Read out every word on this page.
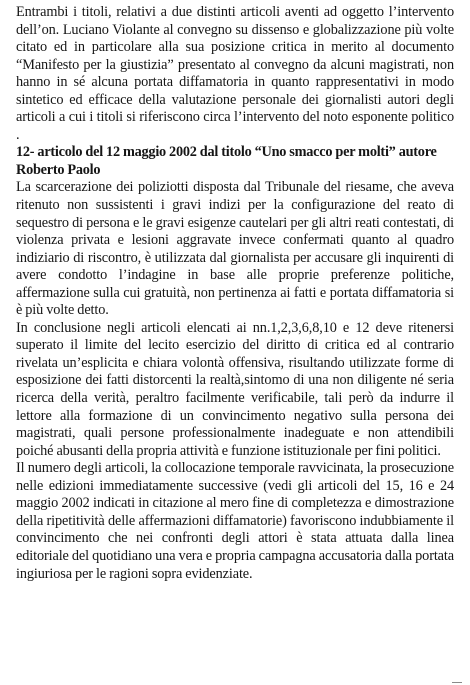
Entrambi i titoli, relativi a due distinti articoli aventi ad oggetto l’intervento dell’on. Luciano Violante al convegno su dissenso e globalizzazione più volte citato ed in particolare alla sua posizione critica in merito al documento “Manifesto per la giustizia” presentato al convegno da alcuni magistrati, non hanno in sé alcuna portata diffamatoria in quanto rappresentativi in modo sintetico ed efficace della valutazione personale dei giornalisti autori degli articoli a cui i titoli si riferiscono circa l’intervento del noto esponente politico .

12- articolo del 12 maggio 2002 dal titolo “Uno smacco per molti” autore Roberto Paolo

La scarcerazione dei poliziotti disposta dal Tribunale del riesame, che aveva ritenuto non sussistenti i gravi indizi per la configurazione del reato di sequestro di persona e le gravi esigenze cautelari per gli altri reati contestati, di violenza privata e lesioni aggravate invece confermati quanto al quadro indiziario di riscontro, è utilizzata dal giornalista per accusare gli inquirenti di avere condotto l’indagine in base alle proprie preferenze politiche, affermazione sulla cui gratuità, non pertinenza ai fatti e portata diffamatoria si è più volte detto.

In conclusione negli articoli elencati ai nn.1,2,3,6,8,10 e 12 deve ritenersi superato il limite del lecito esercizio del diritto di critica ed al contrario rivelata un’esplicita e chiara volontà offensiva, risultando utilizzate forme di esposizione dei fatti distorcenti la realtà,sintomo di una non diligente né seria ricerca della verità, peraltro facilmente verificabile, tali però da indurre il lettore alla formazione di un convincimento negativo sulla persona dei magistrati, quali persone professionalmente inadeguate e non attendibili poiché abusanti della propria attività e funzione istituzionale per fini politici.

Il numero degli articoli, la collocazione temporale ravvicinata, la prosecuzione nelle edizioni immediatamente successive (vedi gli articoli del 15, 16 e 24 maggio 2002 indicati in citazione al mero fine di completezza e dimostrazione della ripetitività delle affermazioni diffamatorie) favoriscono indubbiamente il convincimento che nei confronti degli attori è stata attuata dalla linea editoriale del quotidiano una vera e propria campagna accusatoria dalla portata ingiuriosa per le ragioni sopra evidenziate.
